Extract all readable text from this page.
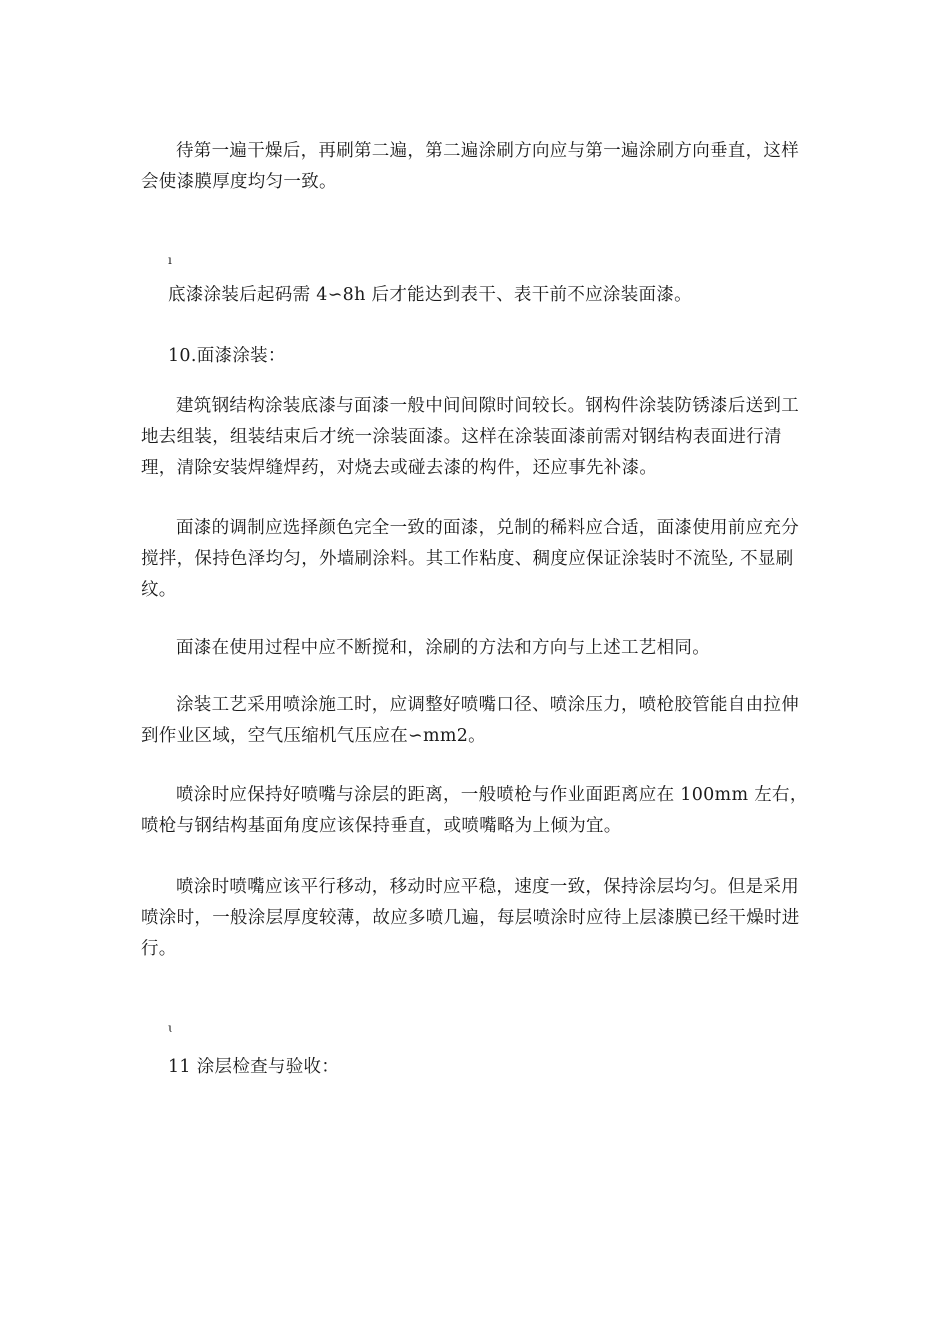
待第一遍干燥后，再刷第二遍，第二遍涂刷方向应与第一遍涂刷方向垂直，这样会使漆膜厚度均匀一致。

ı

底漆涂装后起码需 4∽8h 后才能达到表干、表干前不应涂装面漆。

10.面漆涂装：

建筑钢结构涂装底漆与面漆一般中间间隙时间较长。钢构件涂装防锈漆后送到工地去组装，组装结束后才统一涂装面漆。这样在涂装面漆前需对钢结构表面进行清理，清除安装焊缝焊药，对烧去或碰去漆的构件，还应事先补漆。

面漆的调制应选择颜色完全一致的面漆，兑制的稀料应合适，面漆使用前应充分搅拌，保持色泽均匀，外墙刷涂料。其工作粘度、稠度应保证涂装时不流坠, 不显刷纹。

面漆在使用过程中应不断搅和，涂刷的方法和方向与上述工艺相同。

涂装工艺采用喷涂施工时，应调整好喷嘴口径、喷涂压力，喷枪胶管能自由拉伸到作业区域，空气压缩机气压应在∽mm2。

喷涂时应保持好喷嘴与涂层的距离，一般喷枪与作业面距离应在 100mm 左右，喷枪与钢结构基面角度应该保持垂直，或喷嘴略为上倾为宜。

喷涂时喷嘴应该平行移动，移动时应平稳，速度一致，保持涂层均匀。但是采用喷涂时，一般涂层厚度较薄，故应多喷几遍，每层喷涂时应待上层漆膜已经干燥时进行。

ɩ

11 涂层检查与验收：
